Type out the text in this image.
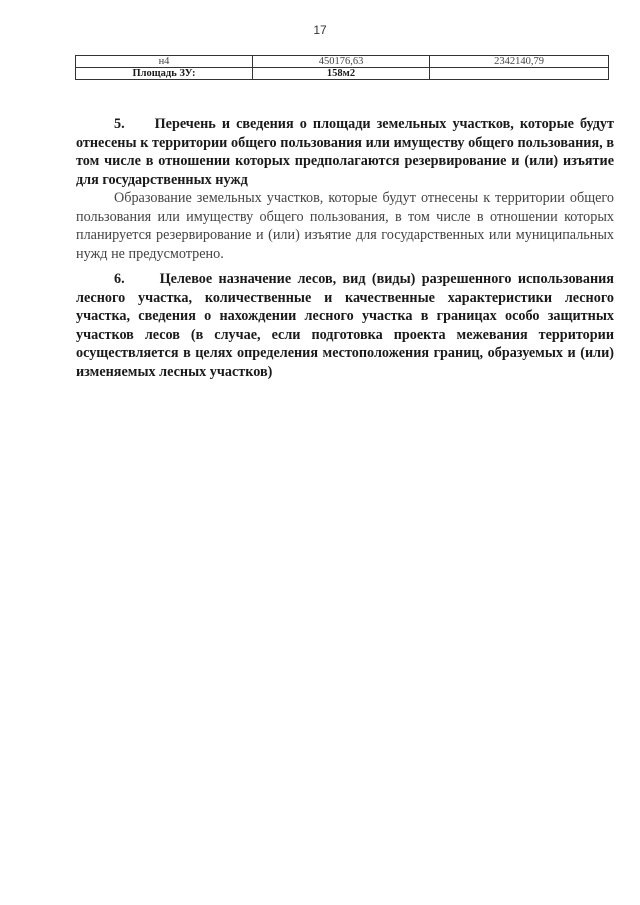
17
н4	450176,63	2342140,79
Площадь ЗУ:	158м2	

5. Перечень и сведения о площади земельных участков, которые будут отнесены к территории общего пользования или имуществу общего пользования, в том числе в отношении которых предполагаются резервирование и (или) изъятие для государственных нужд

Образование земельных участков, которые будут отнесены к территории общего пользования или имуществу общего пользования, в том числе в отношении которых планируется резервирование и (или) изъятие для государственных или муниципальных нужд не предусмотрено.

6. Целевое назначение лесов, вид (виды) разрешенного использования лесного участка, количественные и качественные характеристики лесного участка, сведения о нахождении лесного участка в границах особо защитных участков лесов (в случае, если подготовка проекта межевания территории осуществляется в целях определения местоположения границ, образуемых и (или) изменяемых лесных участков)
